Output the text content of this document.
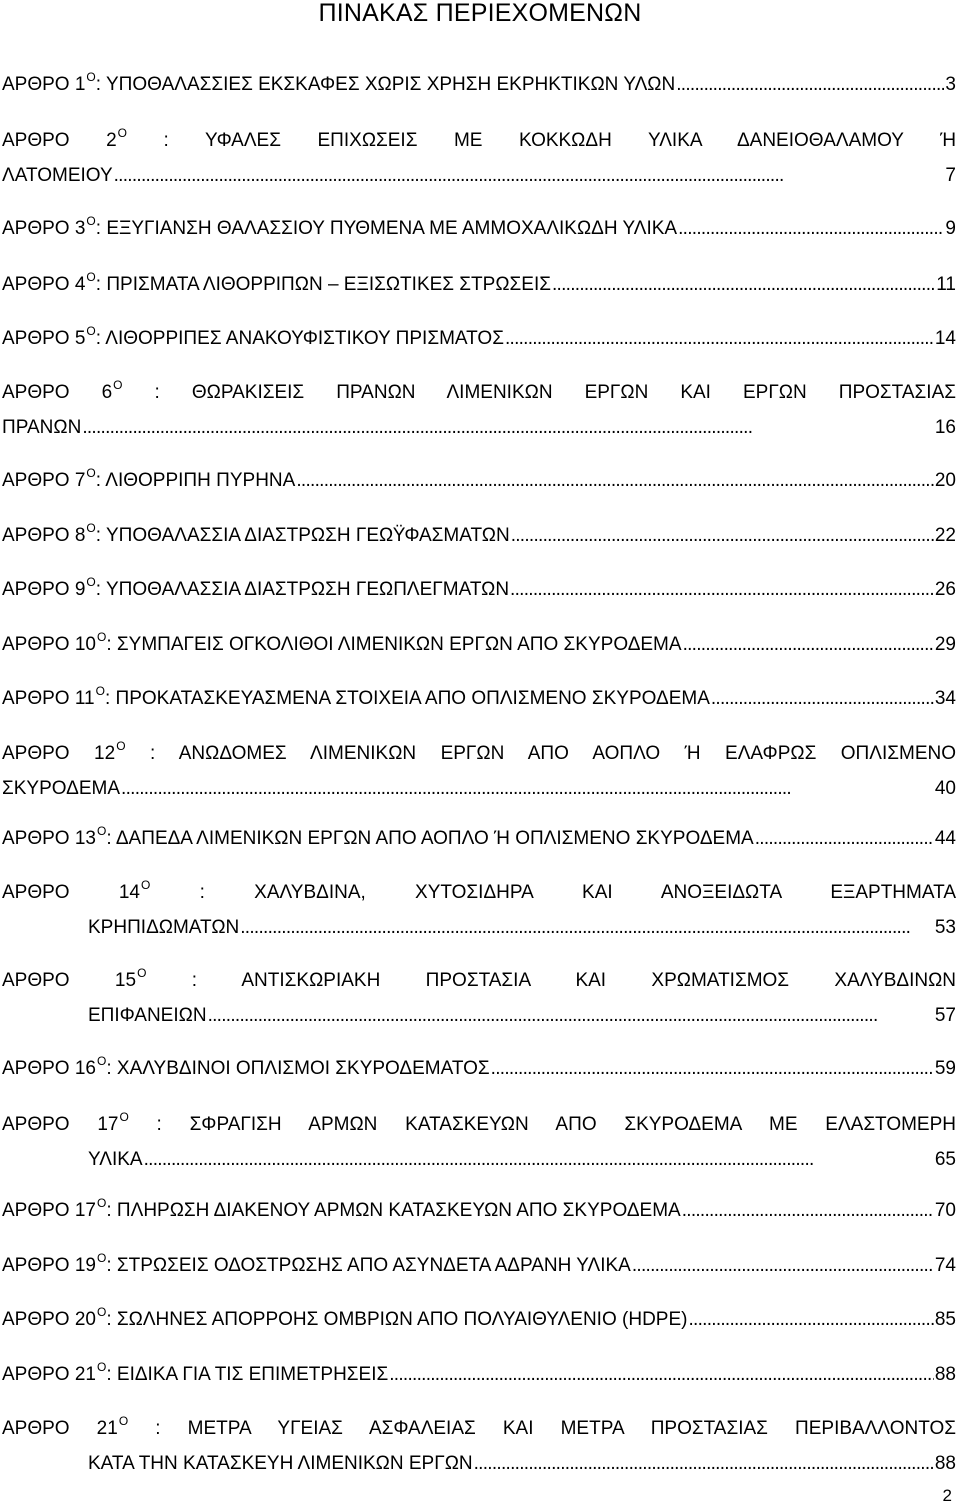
ΠΙΝΑΚΑΣ ΠΕΡΙΕΧΟΜΕΝΩΝ
ΑΡΘΡΟ 1 Ο : ΥΠΟΘΑΛΑΣΣΙΕΣ ΕΚΣΚΑΦΕΣ ΧΩΡΙΣ ΧΡΗΣΗ ΕΚΡΗΚΤΙΚΩΝ ΥΛΩΝ . . .	3
ΑΡΘΡΟ $2^O$ : ΥΦΑΛΕΣ ΕΠΙΧΩΣΕΙΣ ΜΕ ΚΟΚΚΩΔΗ ΥΛΙΚΑ ΔΑΝΕΙΟΘΑΛΑΜΟΥ Ή
ΛΑΤΟΜΕΙΟΥ . . .	7
ΑΡΘΡΟ 3 Ο : ΕΞΥΓΙΑΝΣΗ ΘΑΛΑΣΣΙΟΥ ΠΥΘΜΕΝΑ ΜΕ ΑΜΜΟΧΑΛΙΚΩΔΗ ΥΛΙΚΑ . . .	9
ΑΡΘΡΟ 4 Ο : ΠΡΙΣΜΑΤΑ ΛΙΘΟΡΡΙΠΩΝ – ΕΞΙΣΩΤΙΚΕΣ ΣΤΡΩΣΕΙΣ . . .	11
ΑΡΘΡΟ 5 Ο : ΛΙΘΟΡΡΙΠΕΣ ΑΝΑΚΟΥΦΙΣΤΙΚΟΥ ΠΡΙΣΜΑΤΟΣ . . .	14
ΑΡΘΡΟ $6^O$ : ΘΩΡΑΚΙΣΕΙΣ ΠΡΑΝΩΝ ΛΙΜΕΝΙΚΩΝ ΕΡΓΩΝ ΚΑΙ ΕΡΓΩΝ ΠΡΟΣΤΑΣΙΑΣ
ΠΡΑΝΩΝ . . .	16
ΑΡΘΡΟ 7 Ο : ΛΙΘΟΡΡΙΠΗ ΠΥΡΗΝΑ . . .	20
ΑΡΘΡΟ 8 Ο : ΥΠΟΘΑΛΑΣΣΙΑ ΔΙΑΣΤΡΩΣΗ ΓΕΩΫΦΑΣΜΑΤΩΝ . . .	22
ΑΡΘΡΟ 9 Ο : ΥΠΟΘΑΛΑΣΣΙΑ ΔΙΑΣΤΡΩΣΗ ΓΕΩΠΛΕΓΜΑΤΩΝ . . .	26
ΑΡΘΡΟ 10 Ο : ΣΥΜΠΑΓΕΙΣ ΟΓΚΟΛΙΘΟΙ ΛΙΜΕΝΙΚΩΝ ΕΡΓΩΝ ΑΠΟ ΣΚΥΡΟΔΕΜΑ . . .	29
ΑΡΘΡΟ 11 Ο : ΠΡΟΚΑΤΑΣΚΕΥΑΣΜΕΝΑ ΣΤΟΙΧΕΙΑ ΑΠΟ ΟΠΛΙΣΜΕΝΟ ΣΚΥΡΟΔΕΜΑ . . .	34
ΑΡΘΡΟ $12^O$ : ΑΝΩΔΟΜΕΣ ΛΙΜΕΝΙΚΩΝ ΕΡΓΩΝ ΑΠΟ ΑΟΠΛΟ Ή ΕΛΑΦΡΩΣ ΟΠΛΙΣΜΕΝΟ
ΣΚΥΡΟΔΕΜΑ . . .	40
ΑΡΘΡΟ 13 Ο : ΔΑΠΕΔΑ ΛΙΜΕΝΙΚΩΝ ΕΡΓΩΝ ΑΠΟ ΑΟΠΛΟ Ή ΟΠΛΙΣΜΕΝΟ ΣΚΥΡΟΔΕΜΑ . . .	44
ΑΡΘΡΟ $14^O$	: ΧΑΛΥΒΔΙΝΑ, ΧΥΤΟΣΙΔΗΡΑ ΚΑΙ ΑΝΟΞΕΙΔΩΤΑ ΕΞΑΡΤΗΜΑΤΑ
ΚΡΗΠΙΔΩΜΑΤΩΝ . . .	53
ΑΡΘΡΟ $15^O$ : ΑΝΤΙΣΚΩΡΙΑΚΗ ΠΡΟΣΤΑΣΙΑ ΚΑΙ ΧΡΩΜΑΤΙΣΜΟΣ ΧΑΛΥΒΔΙΝΩΝ
ΕΠΙΦΑΝΕΙΩΝ . . .	57
ΑΡΘΡΟ 16 Ο : ΧΑΛΥΒΔΙΝΟΙ ΟΠΛΙΣΜΟΙ ΣΚΥΡΟΔΕΜΑΤΟΣ . . .	59
ΑΡΘΡΟ $17^O$ : ΣΦΡΑΓΙΣΗ ΑΡΜΩΝ ΚΑΤΑΣΚΕΥΩΝ ΑΠΟ ΣΚΥΡΟΔΕΜΑ ΜΕ ΕΛΑΣΤΟΜΕΡΗ
ΥΛΙΚΑ . . .	65
ΑΡΘΡΟ 17 Ο : ΠΛΗΡΩΣΗ ΔΙΑΚΕΝΟΥ ΑΡΜΩΝ ΚΑΤΑΣΚΕΥΩΝ ΑΠΟ ΣΚΥΡΟΔΕΜΑ . . .	70
ΑΡΘΡΟ 19 Ο : ΣΤΡΩΣΕΙΣ ΟΔΟΣΤΡΩΣΗΣ ΑΠΟ ΑΣΥΝΔΕΤΑ ΑΔΡΑΝΗ ΥΛΙΚΑ . . .	74
ΑΡΘΡΟ 20 Ο : ΣΩΛΗΝΕΣ ΑΠΟΡΡΟΗΣ ΟΜΒΡΙΩΝ ΑΠΟ ΠΟΛΥΑΙΘΥΛΕΝΙΟ (HDPE) . . .	85
ΑΡΘΡΟ 21 Ο : ΕΙΔΙΚΑ ΓΙΑ ΤΙΣ ΕΠΙΜΕΤΡΗΣΕΙΣ . . .	88
ΑΡΘΡΟ $21^O$ : ΜΕΤΡΑ ΥΓΕΙΑΣ ΑΣΦΑΛΕΙΑΣ ΚΑΙ ΜΕΤΡΑ ΠΡΟΣΤΑΣΙΑΣ ΠΕΡΙΒΑΛΛΟΝΤΟΣ
ΚΑΤΑ ΤΗΝ ΚΑΤΑΣΚΕΥΗ ΛΙΜΕΝΙΚΩΝ ΕΡΓΩΝ . . .	88
2
